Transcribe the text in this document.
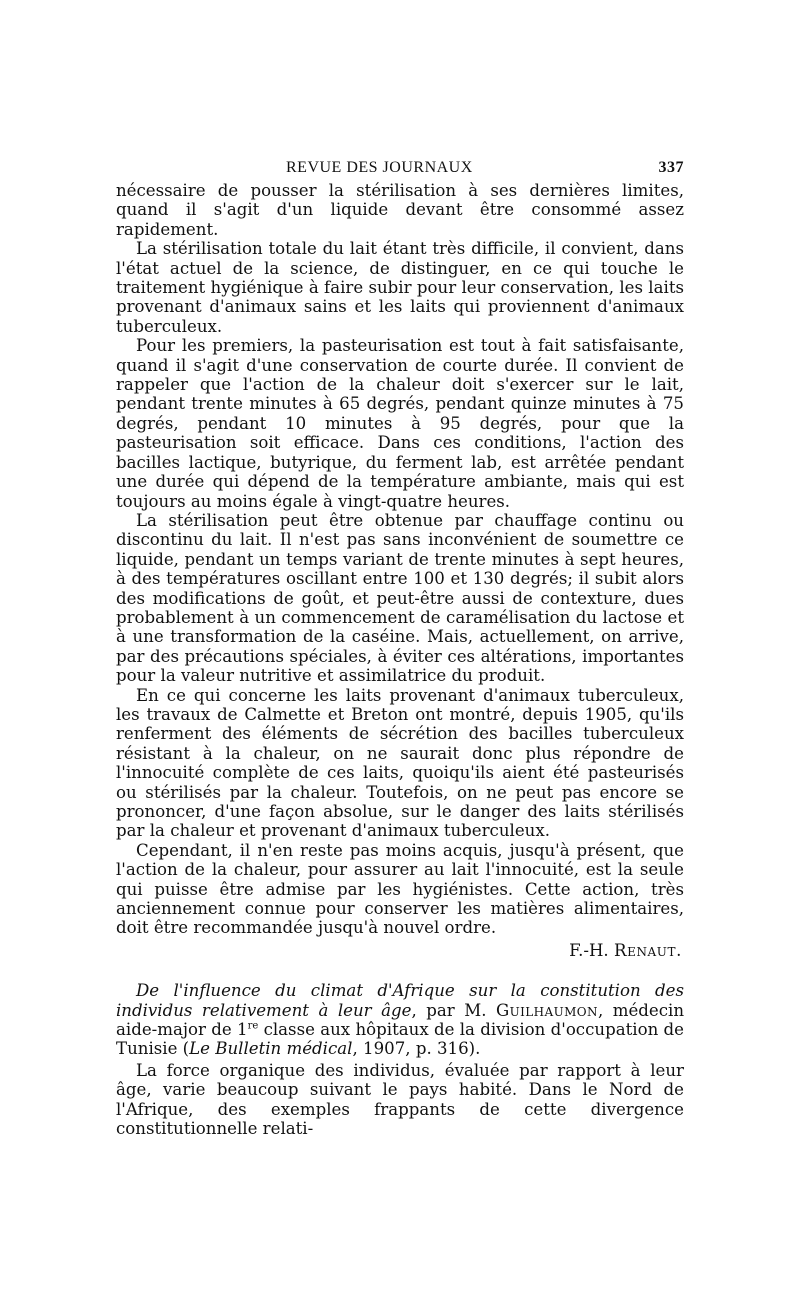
REVUE DES JOURNAUX	337

nécessaire de pousser la stérilisation à ses dernières limites, quand il s'agit d'un liquide devant être consommé assez rapidement.

La stérilisation totale du lait étant très difficile, il convient, dans l'état actuel de la science, de distinguer, en ce qui touche le traitement hygiénique à faire subir pour leur conservation, les laits provenant d'animaux sains et les laits qui proviennent d'animaux tuberculeux.

Pour les premiers, la pasteurisation est tout à fait satisfaisante, quand il s'agit d'une conservation de courte durée. Il convient de rappeler que l'action de la chaleur doit s'exercer sur le lait, pendant trente minutes à 65 degrés, pendant quinze minutes à 75 degrés, pendant 10 minutes à 95 degrés, pour que la pasteurisation soit efficace. Dans ces conditions, l'action des bacilles lactique, butyrique, du ferment lab, est arrêtée pendant une durée qui dépend de la température ambiante, mais qui est toujours au moins égale à vingt-quatre heures.

La stérilisation peut être obtenue par chauffage continu ou discontinu du lait. Il n'est pas sans inconvénient de soumettre ce liquide, pendant un temps variant de trente minutes à sept heures, à des températures oscillant entre 100 et 130 degrés; il subit alors des modifications de goût, et peut-être aussi de contexture, dues probablement à un commencement de caramélisation du lactose et à une transformation de la caséine. Mais, actuellement, on arrive, par des précautions spéciales, à éviter ces altérations, importantes pour la valeur nutritive et assimilatrice du produit.

En ce qui concerne les laits provenant d'animaux tuberculeux, les travaux de Calmette et Breton ont montré, depuis 1905, qu'ils renferment des éléments de sécrétion des bacilles tuberculeux résistant à la chaleur, on ne saurait donc plus répondre de l'innocuité complète de ces laits, quoiqu'ils aient été pasteurisés ou stérilisés par la chaleur. Toutefois, on ne peut pas encore se prononcer, d'une façon absolue, sur le danger des laits stérilisés par la chaleur et provenant d'animaux tuberculeux.

Cependant, il n'en reste pas moins acquis, jusqu'à présent, que l'action de la chaleur, pour assurer au lait l'innocuité, est la seule qui puisse être admise par les hygiénistes. Cette action, très anciennement connue pour conserver les matières alimentaires, doit être recommandée jusqu'à nouvel ordre.

F.-H. Renaut.
De l'influence du climat d'Afrique sur la constitution des individus relativement à leur âge, par M. Guilhaumon, médecin aide-major de 1re classe aux hôpitaux de la division d'occupation de Tunisie (Le Bulletin médical, 1907, p. 316).

La force organique des individus, évaluée par rapport à leur âge, varie beaucoup suivant le pays habité. Dans le Nord de l'Afrique, des exemples frappants de cette divergence constitutionnelle relati-
